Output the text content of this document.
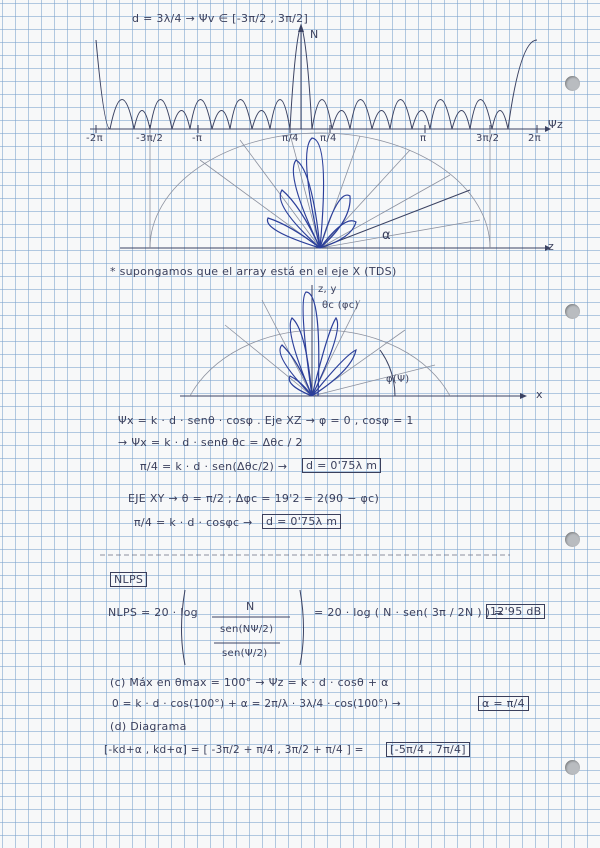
d = 3λ/4 → Ψv ∈ [-3π/2 , 3π/2]
N
Ψz
-2π	-3π/2	-π	π/4 π/4	π	3π/2	2π
z
α
* supongamos que el array está en el eje X (TDS)
z, y
θc (φc)
φ(Ψ)
x
Ψx = k · d · senθ · cosφ . Eje XZ → φ = 0 , cosφ = 1
→ Ψx = k · d · senθ θc = Δθc / 2
π/4 = k · d · sen(Δθc/2) →	d = 0'75λ m
EJE XY → θ = π/2 ; Δφc = 19'2 = 2(90 − φc)
π/4 = k · d · cosφc →	d = 0'75λ m
NLPS
NLPS = 20 · log	N
sen(NΨ/2)
sen(Ψ/2)
= 20 · log ( N · sen( 3π / 2N ) ) =
12'95 dB
(c) Máx en θmax = 100° → Ψz = k · d · cosθ + α
0 = k · d · cos(100°) + α = 2π/λ · 3λ/4 · cos(100°) →	α = π/4
(d) Diagrama
[-kd+α , kd+α] = [ -3π/2 + π/4 , 3π/2 + π/4 ] =	[-5π/4 , 7π/4]
